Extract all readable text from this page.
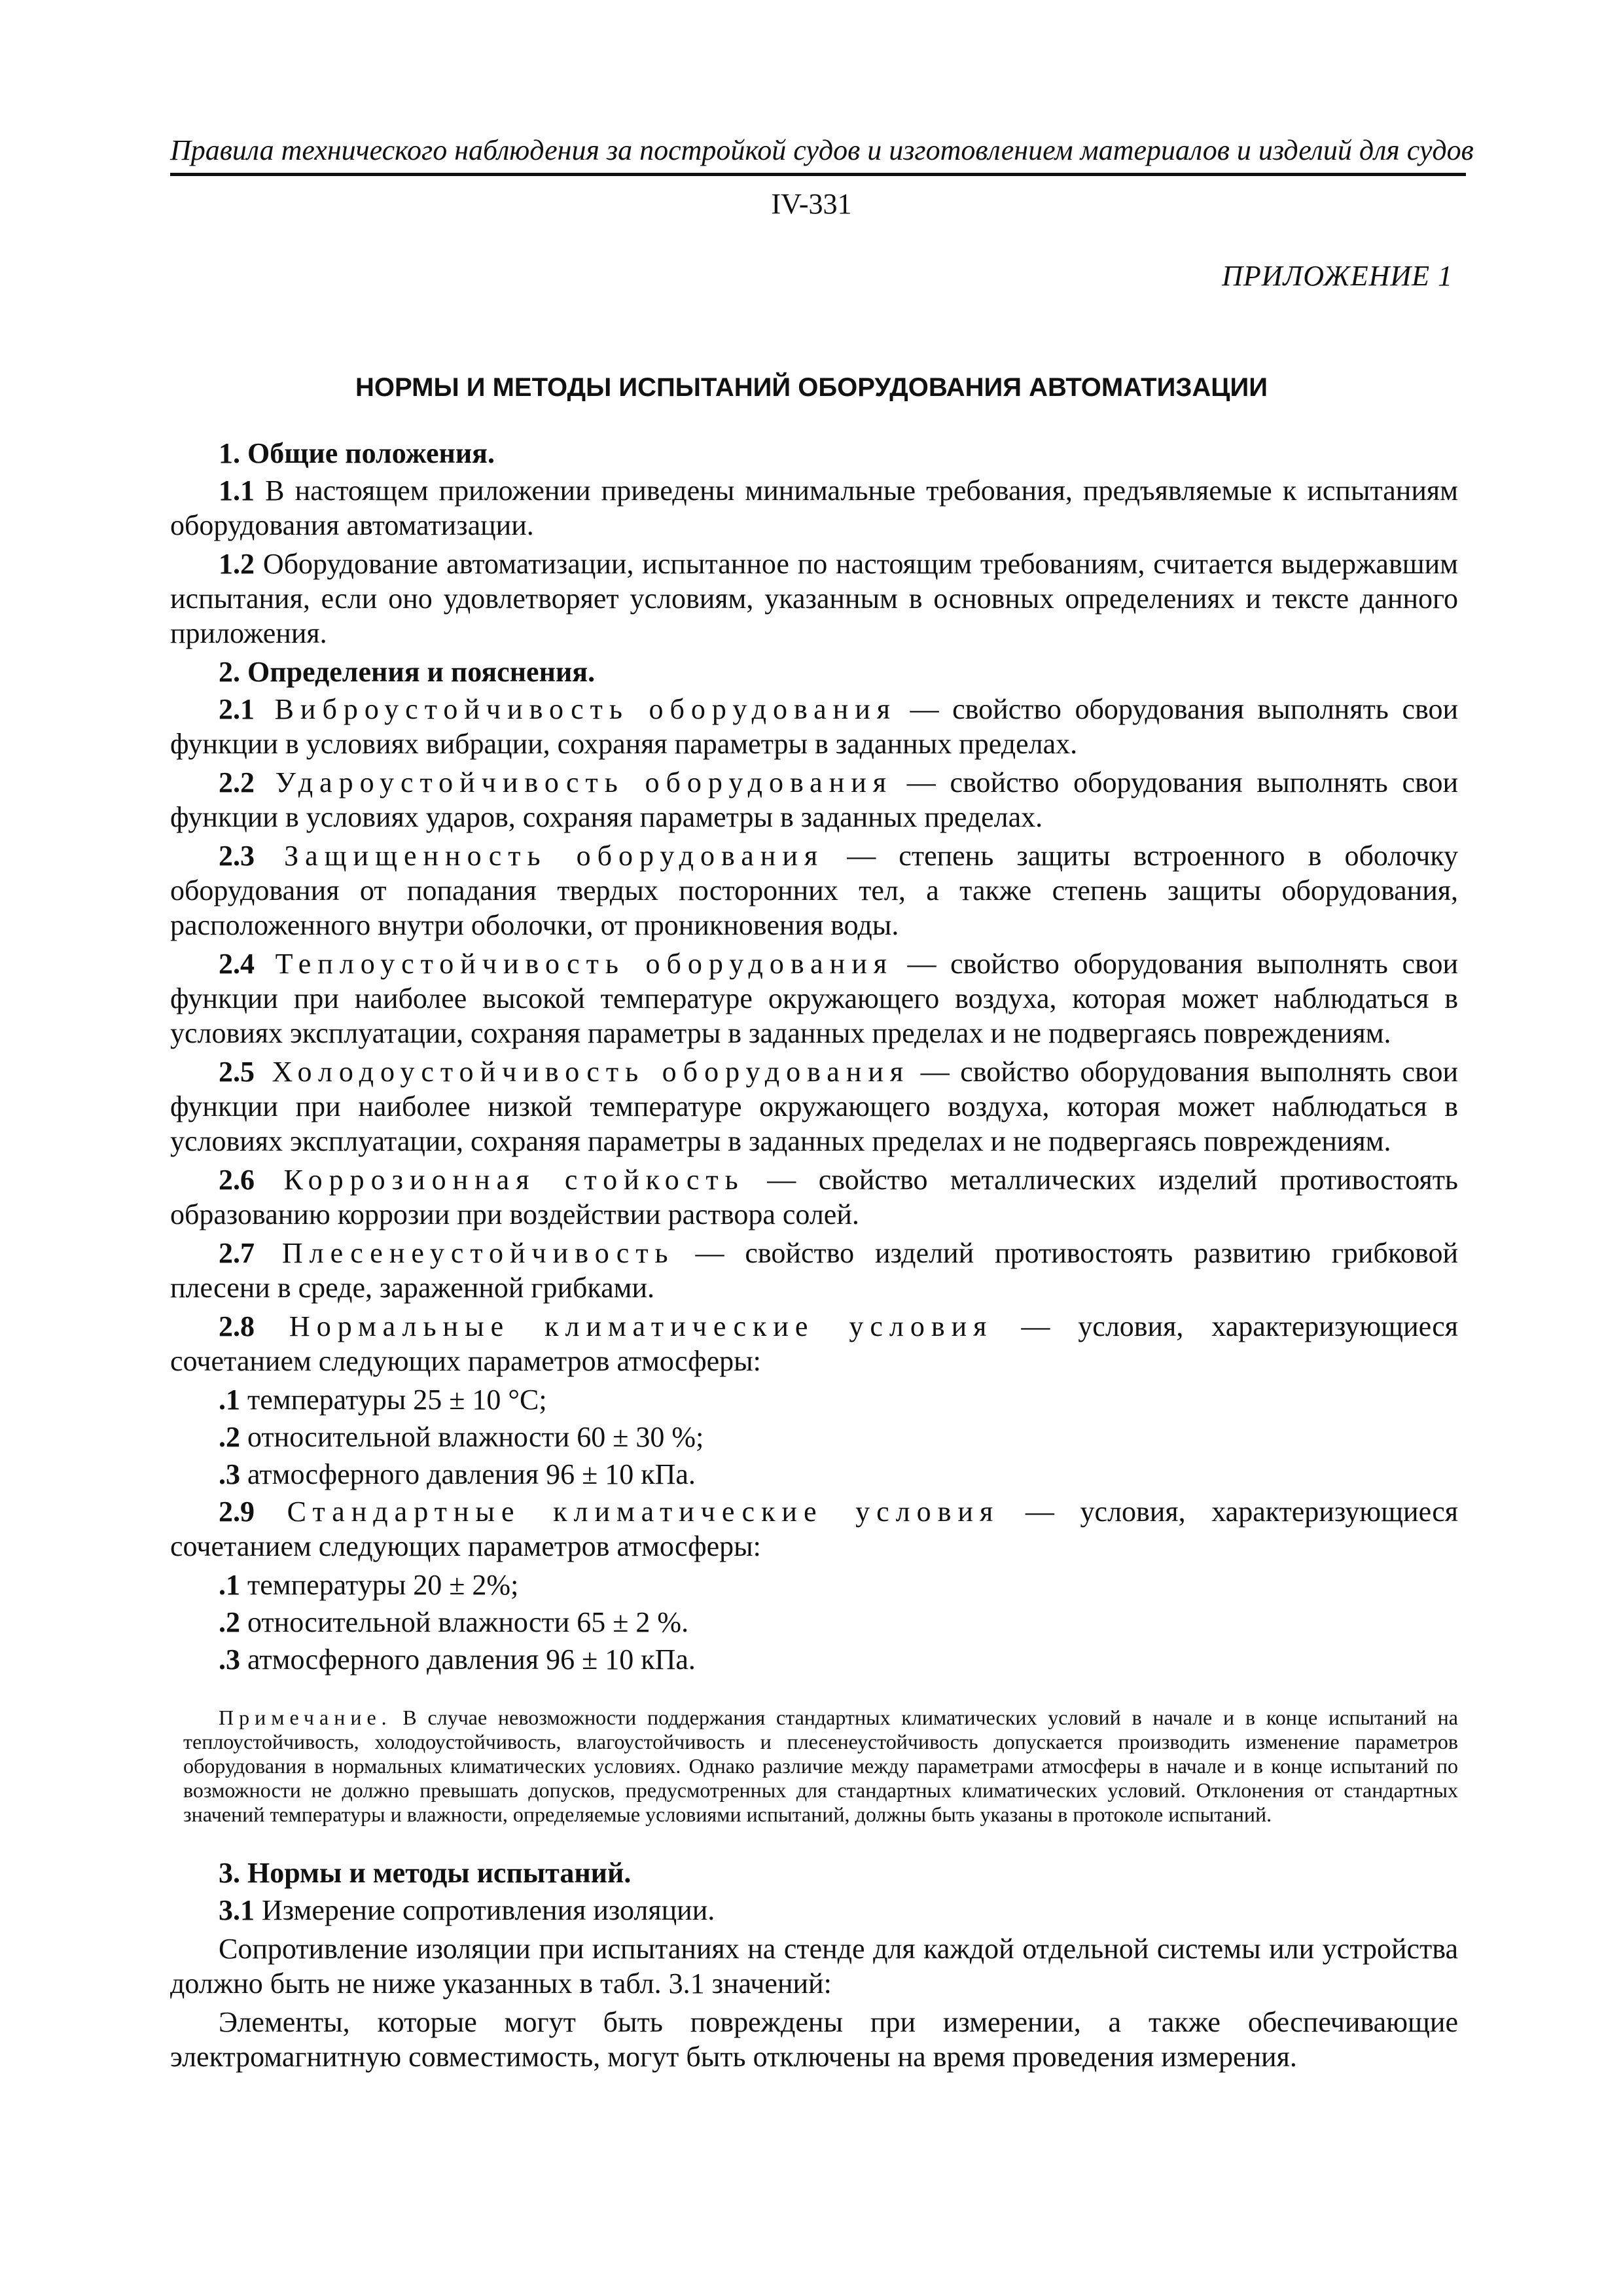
Правила технического наблюдения за постройкой судов и изготовлением материалов и изделий для судов
IV-331
ПРИЛОЖЕНИЕ 1
НОРМЫ И МЕТОДЫ ИСПЫТАНИЙ ОБОРУДОВАНИЯ АВТОМАТИЗАЦИИ

1. Общие положения.

1.1 В настоящем приложении приведены минимальные требования, предъявляемые к испытаниям оборудования автоматизации.

1.2 Оборудование автоматизации, испытанное по настоящим требованиям, считается выдержавшим испытания, если оно удовлетворяет условиям, указанным в основных определениях и тексте данного приложения.

2. Определения и пояснения.

2.1 Виброустойчивость оборудования — свойство оборудования выполнять свои функции в условиях вибрации, сохраняя параметры в заданных пределах.

2.2 Удароустойчивость оборудования — свойство оборудования выполнять свои функции в условиях ударов, сохраняя параметры в заданных пределах.

2.3 Защищенность оборудования — степень защиты встроенного в оболочку оборудования от попадания твердых посторонних тел, а также степень защиты оборудования, расположенного внутри оболочки, от проникновения воды.

2.4 Теплоустойчивость оборудования — свойство оборудования выполнять свои функции при наиболее высокой температуре окружающего воздуха, которая может наблюдаться в условиях эксплуатации, сохраняя параметры в заданных пределах и не подвергаясь повреждениям.

2.5 Холодоустойчивость оборудования — свойство оборудования выполнять свои функции при наиболее низкой температуре окружающего воздуха, которая может наблюдаться в условиях эксплуатации, сохраняя параметры в заданных пределах и не подвергаясь повреждениям.

2.6 Коррозионная стойкость — свойство металлических изделий противостоять образованию коррозии при воздействии раствора солей.

2.7 Плесенеустойчивость — свойство изделий противостоять развитию грибковой плесени в среде, зараженной грибками.

2.8 Нормальные климатические условия — условия, характеризующиеся сочетанием следующих параметров атмосферы:

.1 температуры 25 ± 10 °С;

.2 относительной влажности 60 ± 30 %;

.3 атмосферного давления 96 ± 10 кПа.

2.9 Стандартные климатические условия — условия, характеризующиеся сочетанием следующих параметров атмосферы:

.1 температуры 20 ± 2%;

.2 относительной влажности 65 ± 2 %.

.3 атмосферного давления 96 ± 10 кПа.

Примечание. В случае невозможности поддержания стандартных климатических условий в начале и в конце испытаний на теплоустойчивость, холодоустойчивость, влагоустойчивость и плесенеустойчивость допускается производить изменение параметров оборудования в нормальных климатических условиях. Однако различие между параметрами атмосферы в начале и в конце испытаний по возможности не должно превышать допусков, предусмотренных для стандартных климатических условий. Отклонения от стандартных значений температуры и влажности, определяемые условиями испытаний, должны быть указаны в протоколе испытаний.

3. Нормы и методы испытаний.

3.1 Измерение сопротивления изоляции.

Сопротивление изоляции при испытаниях на стенде для каждой отдельной системы или устройства должно быть не ниже указанных в табл. 3.1 значений:

Элементы, которые могут быть повреждены при измерении, а также обеспечивающие электромагнитную совместимость, могут быть отключены на время проведения измерения.
